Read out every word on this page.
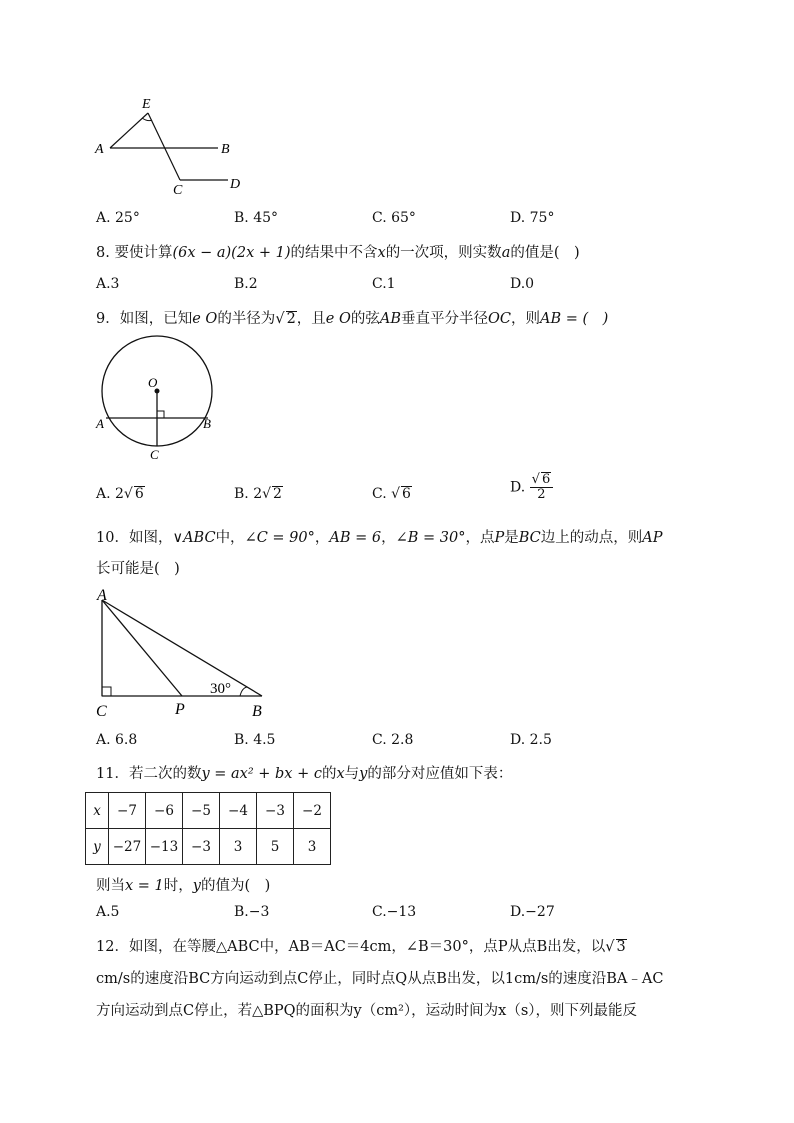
E
A	B
C	D
A. 25°	B. 45°	C. 65°	D. 75°
8. 要使计算(6x − a)(2x + 1)的结果中不含x的一次项，则实数a的值是(　)
A.3	B.2	C.1	D.0
9．如图，已知e O的半径为√ 2，且e O的弦AB垂直平分半径OC，则AB = (　)
O
A	B
C
A. 2√ 6	B. 2√ 2	C. √ 6	D. $\frac{√ 6}{2}$
10．如图，∨ABC中，∠C = 90°，AB = 6，∠B = 30°，点P是BC边上的动点，则AP
长可能是(　)
A
C	P	B
30°
A. 6.8	B. 4.5	C. 2.8	D. 2.5
11．若二次的数y = ax² + bx + c的x与y的部分对应值如下表：
x	−7	−6	−5	−4	−3	−2
y	−27	−13	−3	3	5	3
则当x = 1时，y的值为(　)
A.5	B.−3	C.−13	D.−27
12．如图，在等腰△ABC中，AB＝AC＝4cm，∠B＝30°，点P从点B出发，以√ 3
cm/s的速度沿BC方向运动到点C停止，同时点Q从点B出发，以1cm/s的速度沿BA﹣AC
方向运动到点C停止，若△BPQ的面积为y（cm²），运动时间为x（s），则下列最能反
